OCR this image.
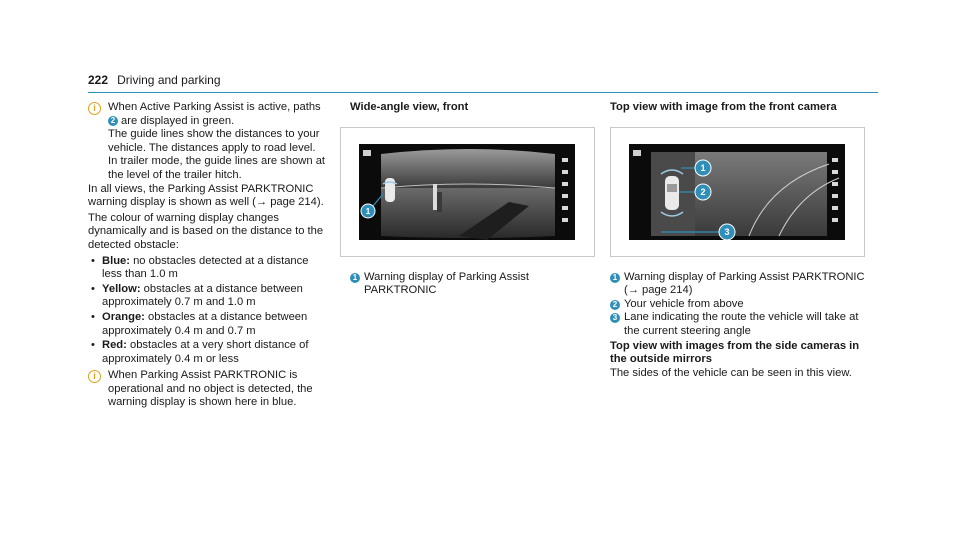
222 Driving and parking
i	When Active Parking Assist is active, paths 2 are displayed in green.

The guide lines show the distances to your vehicle. The distances apply to road level.

In trailer mode, the guide lines are shown at the level of the trailer hitch.

In all views, the Parking Assist PARKTRONIC warning display is shown as well (→ page 214).

The colour of warning display changes dynamically and is based on the distance to the detected obstacle:

• Blue: no obstacles detected at a distance less than 1.0 m
• Yellow: obstacles at a distance between approximately 0.7 m and 1.0 m
• Orange: obstacles at a distance between approximately 0.4 m and 0.7 m
• Red: obstacles at a very short distance of approximately 0.4 m or less
i	When Parking Assist PARKTRONIC is operational and no object is detected, the warning display is shown here in blue.

Wide-angle view, front

1
1 Warning display of Parking Assist PARKTRONIC

Top view with image from the front camera

1
2
3
1 Warning display of Parking Assist PARKTRONIC (→ page 214)
2 Your vehicle from above
3 Lane indicating the route the vehicle will take at the current steering angle

Top view with images from the side cameras in the outside mirrors

The sides of the vehicle can be seen in this view.
